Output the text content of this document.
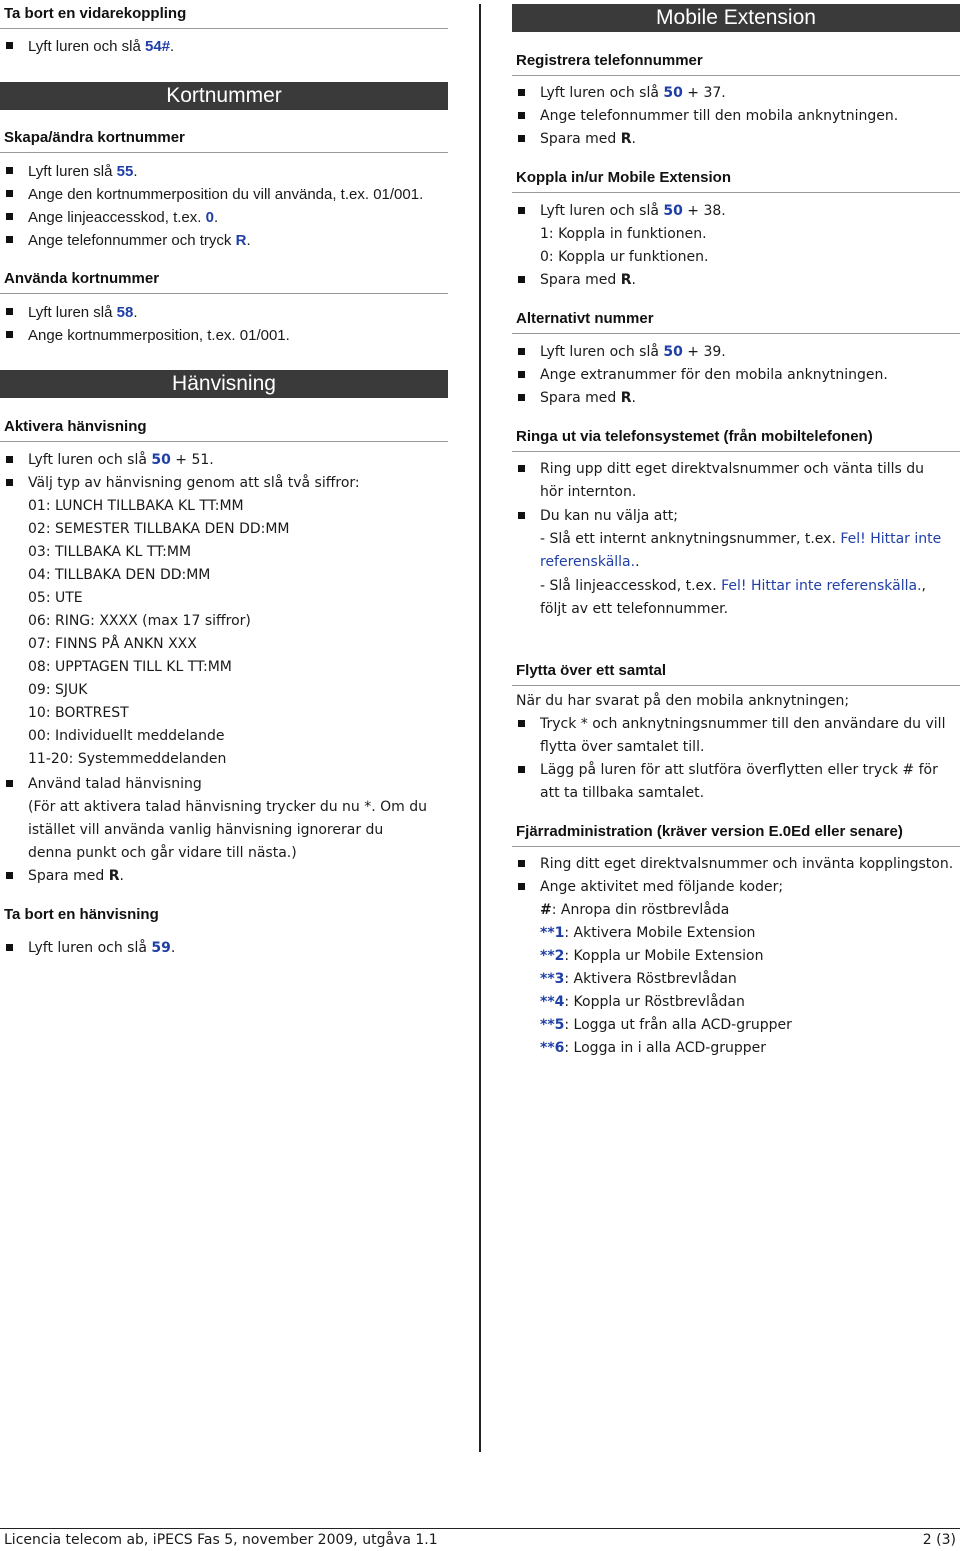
Ta bort en vidarekoppling
Lyft luren och slå 54#.
Kortnummer
Skapa/ändra kortnummer
Lyft luren slå 55.
Ange den kortnummerposition du vill använda, t.ex. 01/001.
Ange linjeaccesskod, t.ex. 0.
Ange telefonnummer och tryck R.
Använda kortnummer
Lyft luren slå 58.
Ange kortnummerposition, t.ex. 01/001.
Hänvisning
Aktivera hänvisning
Lyft luren och slå 50 + 51.
Välj typ av hänvisning genom att slå två siffror:
01: LUNCH TILLBAKA KL TT:MM
02: SEMESTER TILLBAKA DEN DD:MM
03: TILLBAKA KL TT:MM
04: TILLBAKA DEN DD:MM
05: UTE
06: RING: XXXX (max 17 siffror)
07: FINNS PÅ ANKN XXX
08: UPPTAGEN TILL KL TT:MM
09: SJUK
10: BORTREST
00: Individuellt meddelande
11-20: Systemmeddelanden
Använd talad hänvisning
(För att aktivera talad hänvisning trycker du nu *. Om du istället vill använda vanlig hänvisning ignorerar du denna punkt och går vidare till nästa.)
Spara med R.
Ta bort en hänvisning
Lyft luren och slå 59.
Mobile Extension
Registrera telefonnummer
Lyft luren och slå 50 + 37.
Ange telefonnummer till den mobila anknytningen.
Spara med R.
Koppla in/ur Mobile Extension
Lyft luren och slå 50 + 38.
1: Koppla in funktionen.
0: Koppla ur funktionen.
Spara med R.
Alternativt nummer
Lyft luren och slå 50 + 39.
Ange extranummer för den mobila anknytningen.
Spara med R.
Ringa ut via telefonsystemet (från mobiltelefonen)
Ring upp ditt eget direktvalsnummer och vänta tills du hör internton.
Du kan nu välja att;
- Slå ett internt anknytningsnummer, t.ex. Fel! Hittar inte referenskälla..
- Slå linjeaccesskod, t.ex. Fel! Hittar inte referenskälla., följt av ett telefonnummer.
Flytta över ett samtal
När du har svarat på den mobila anknytningen;
Tryck * och anknytningsnummer till den användare du vill flytta över samtalet till.
Lägg på luren för att slutföra överflytten eller tryck # för att ta tillbaka samtalet.
Fjärradministration (kräver version E.0Ed eller senare)
Ring ditt eget direktvalsnummer och invänta kopplingston.
Ange aktivitet med följande koder;
#: Anropa din röstbrevlåda
**1: Aktivera Mobile Extension
**2: Koppla ur Mobile Extension
**3: Aktivera Röstbrevlådan
**4: Koppla ur Röstbrevlådan
**5: Logga ut från alla ACD-grupper
**6: Logga in i alla ACD-grupper
Licencia telecom ab, iPECS Fas 5, november 2009, utgåva 1.1	2 (3)
